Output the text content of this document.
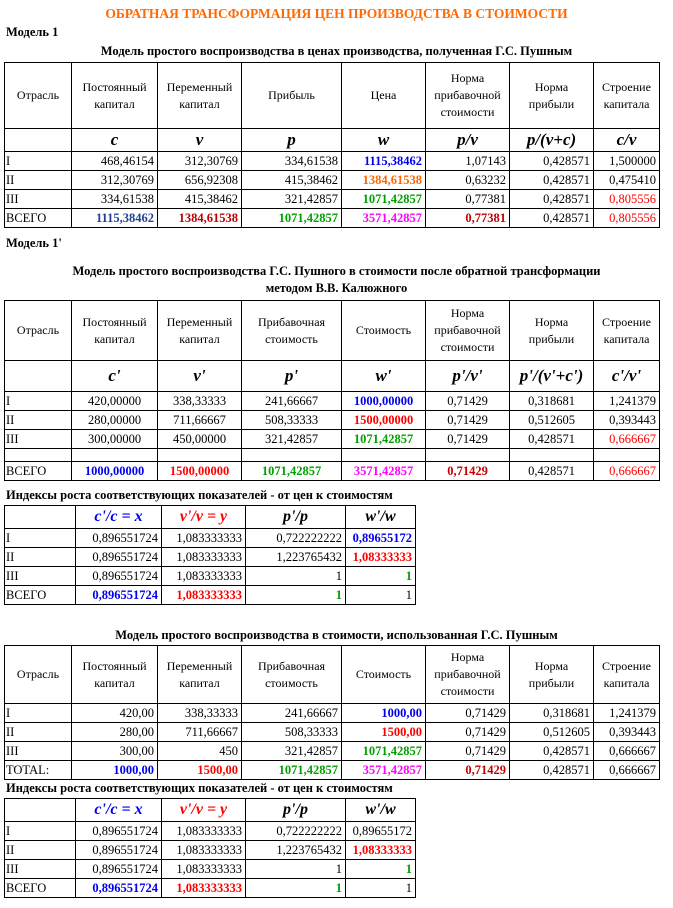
ОБРАТНАЯ ТРАНСФОРМАЦИЯ ЦЕН ПРОИЗВОДСТВА В СТОИМОСТИ
Модель 1
Модель простого воспроизводства в ценах производства, полученная Г.С. Пушным
Отрасль	Постоянный капитал	Переменный капитал	Прибыль	Цена	Норма прибавочной стоимости	Норма прибыли	Строение капитала
	c	v	p	w	p/v	p/(v+c)	c/v
I	468,46154	312,30769	334,61538	1115,38462	1,07143	0,428571	1,500000
II	312,30769	656,92308	415,38462	1384,61538	0,63232	0,428571	0,475410
III	334,61538	415,38462	321,42857	1071,42857	0,77381	0,428571	0,805556
ВСЕГО	1115,38462	1384,61538	1071,42857	3571,42857	0,77381	0,428571	0,805556
Модель 1'
Модель простого воспроизводства Г.С. Пушного в стоимости после обратной трансформации
методом В.В. Калюжного
Отрасль	Постоянный капитал	Переменный капитал	Прибавочная стоимость	Стоимость	Норма прибавочной стоимости	Норма прибыли	Строение капитала
	c'	v'	p'	w'	p'/v'	p'/(v'+c')	c'/v'
I	420,00000	338,33333	241,66667	1000,00000	0,71429	0,318681	1,241379
II	280,00000	711,66667	508,33333	1500,00000	0,71429	0,512605	0,393443
III	300,00000	450,00000	321,42857	1071,42857	0,71429	0,428571	0,666667

ВСЕГО	1000,00000	1500,00000	1071,42857	3571,42857	0,71429	0,428571	0,666667
Индексы роста соответствующих показателей - от цен к стоимостям
	c'/c = x	v'/v = y	p'/p	w'/w
I	0,896551724	1,083333333	0,722222222	0,89655172
II	0,896551724	1,083333333	1,223765432	1,08333333
III	0,896551724	1,083333333	1	1
ВСЕГО	0,896551724	1,083333333	1	1
Модель простого воспроизводства в стоимости, использованная Г.С. Пушным
Отрасль	Постоянный капитал	Переменный капитал	Прибавочная стоимость	Стоимость	Норма прибавочной стоимости	Норма прибыли	Строение капитала
I	420,00	338,33333	241,66667	1000,00	0,71429	0,318681	1,241379
II	280,00	711,66667	508,33333	1500,00	0,71429	0,512605	0,393443
III	300,00	450	321,42857	1071,42857	0,71429	0,428571	0,666667
TOTAL:	1000,00	1500,00	1071,42857	3571,42857	0,71429	0,428571	0,666667
Индексы роста соответствующих показателей - от цен к стоимостям
	c'/c = x	v'/v = y	p'/p	w'/w
I	0,896551724	1,083333333	0,722222222	0,89655172
II	0,896551724	1,083333333	1,223765432	1,08333333
III	0,896551724	1,083333333	1	1
ВСЕГО	0,896551724	1,083333333	1	1
